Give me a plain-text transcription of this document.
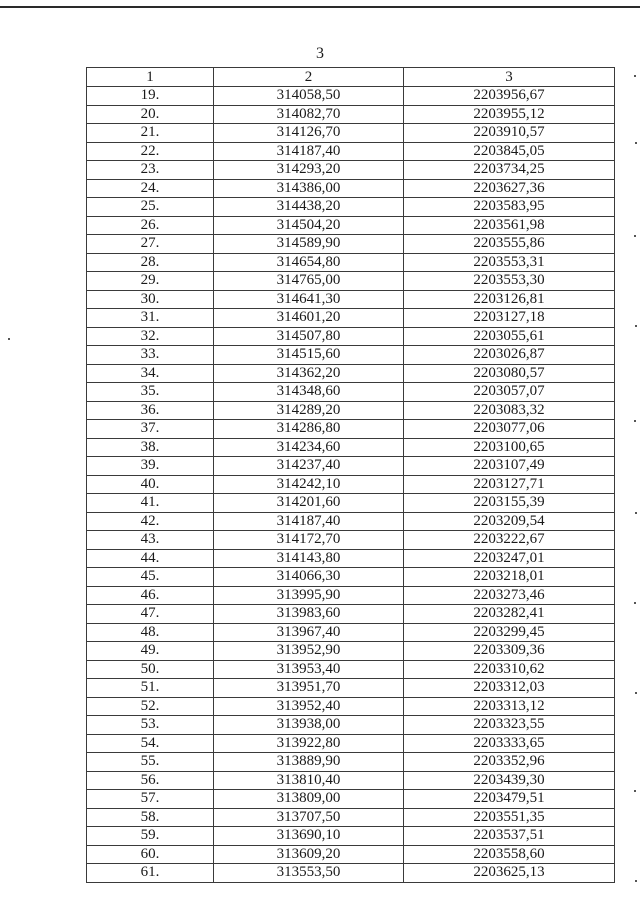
3
1	2	3
19.	314058,50	2203956,67
20.	314082,70	2203955,12
21.	314126,70	2203910,57
22.	314187,40	2203845,05
23.	314293,20	2203734,25
24.	314386,00	2203627,36
25.	314438,20	2203583,95
26.	314504,20	2203561,98
27.	314589,90	2203555,86
28.	314654,80	2203553,31
29.	314765,00	2203553,30
30.	314641,30	2203126,81
31.	314601,20	2203127,18
32.	314507,80	2203055,61
33.	314515,60	2203026,87
34.	314362,20	2203080,57
35.	314348,60	2203057,07
36.	314289,20	2203083,32
37.	314286,80	2203077,06
38.	314234,60	2203100,65
39.	314237,40	2203107,49
40.	314242,10	2203127,71
41.	314201,60	2203155,39
42.	314187,40	2203209,54
43.	314172,70	2203222,67
44.	314143,80	2203247,01
45.	314066,30	2203218,01
46.	313995,90	2203273,46
47.	313983,60	2203282,41
48.	313967,40	2203299,45
49.	313952,90	2203309,36
50.	313953,40	2203310,62
51.	313951,70	2203312,03
52.	313952,40	2203313,12
53.	313938,00	2203323,55
54.	313922,80	2203333,65
55.	313889,90	2203352,96
56.	313810,40	2203439,30
57.	313809,00	2203479,51
58.	313707,50	2203551,35
59.	313690,10	2203537,51
60.	313609,20	2203558,60
61.	313553,50	2203625,13
